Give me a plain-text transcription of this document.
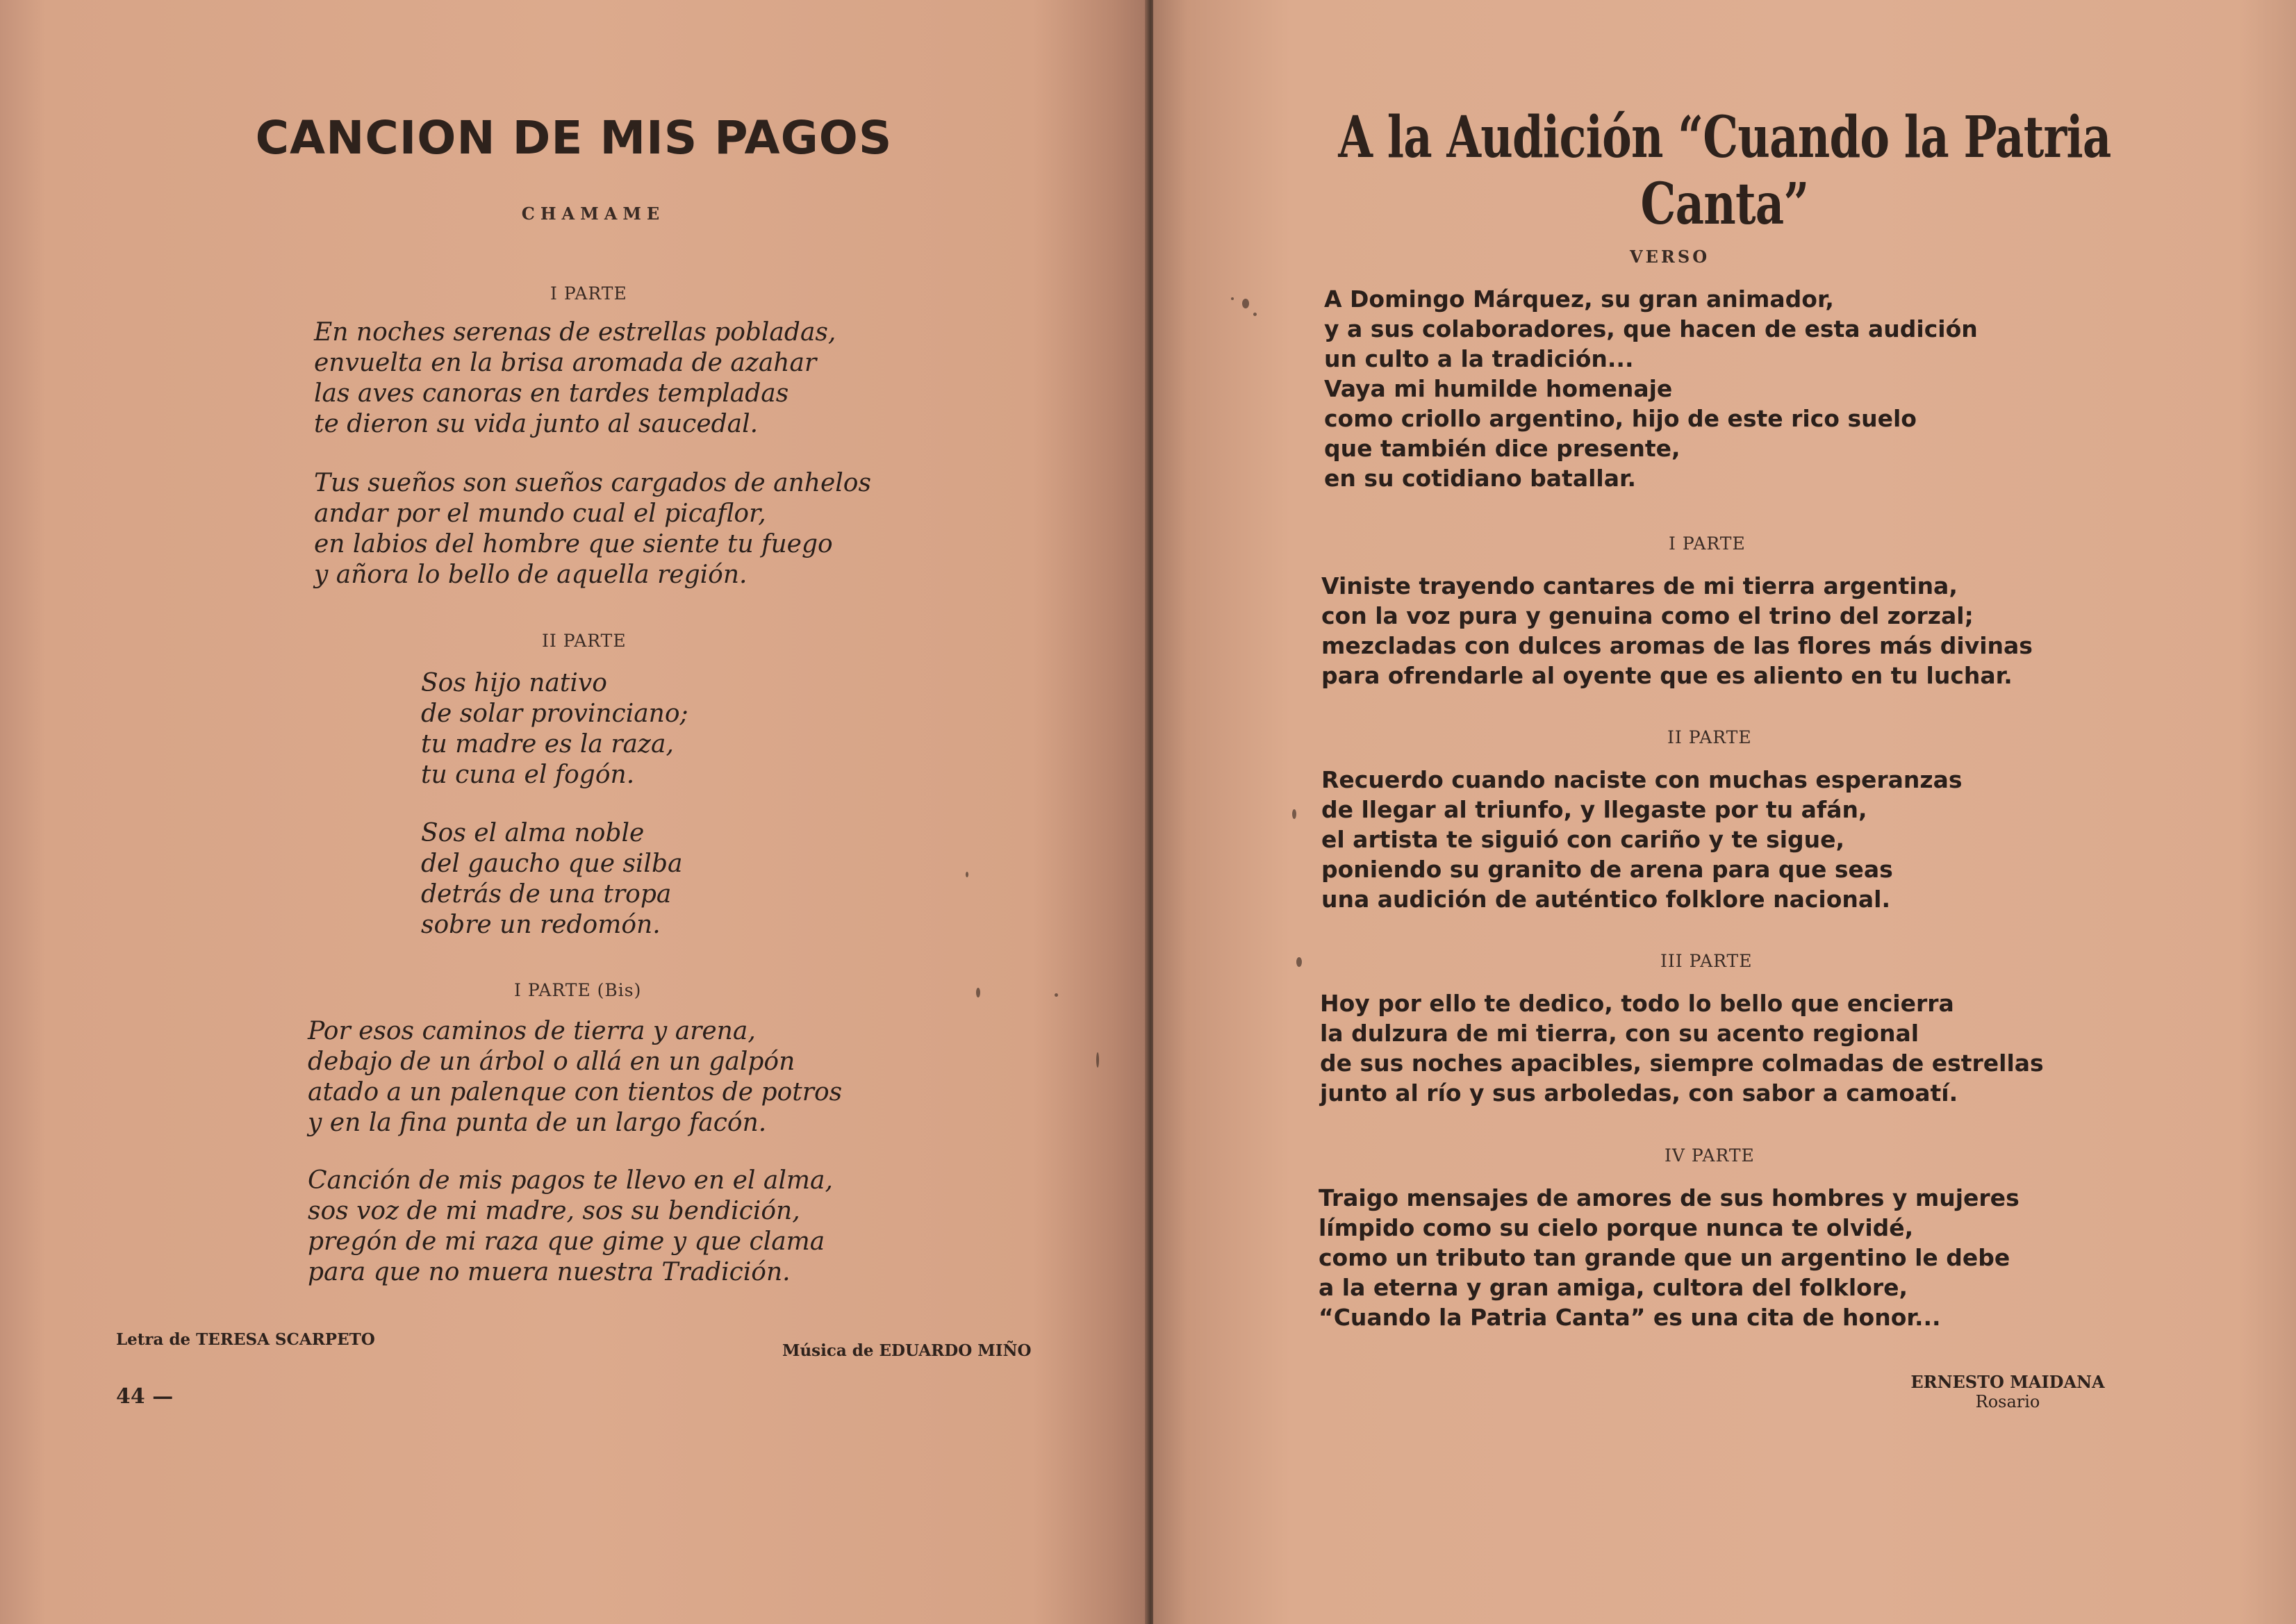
CANCION DE MIS PAGOS
CHAMAME
I PARTE
En noches serenas de estrellas pobladas,
envuelta en la brisa aromada de azahar
las aves canoras en tardes templadas
te dieron su vida junto al saucedal.
Tus sueños son sueños cargados de anhelos
andar por el mundo cual el picaflor,
en labios del hombre que siente tu fuego
y añora lo bello de aquella región.
II PARTE
Sos hijo nativo
de solar provinciano;
tu madre es la raza,
tu cuna el fogón.
Sos el alma noble
del gaucho que silba
detrás de una tropa
sobre un redomón.
I PARTE (Bis)
Por esos caminos de tierra y arena,
debajo de un árbol o allá en un galpón
atado a un palenque con tientos de potros
y en la fina punta de un largo facón.
Canción de mis pagos te llevo en el alma,
sos voz de mi madre, sos su bendición,
pregón de mi raza que gime y que clama
para que no muera nuestra Tradición.
Letra de TERESA SCARPETO
Música de EDUARDO MIÑO
44 —
A la Audición “Cuando la Patria Canta”
VERSO
A Domingo Márquez, su gran animador,
y a sus colaboradores, que hacen de esta audición
un culto a la tradición...
Vaya mi humilde homenaje
como criollo argentino, hijo de este rico suelo
que también dice presente,
en su cotidiano batallar.
I PARTE
Viniste trayendo cantares de mi tierra argentina,
con la voz pura y genuina como el trino del zorzal;
mezcladas con dulces aromas de las flores más divinas
para ofrendarle al oyente que es aliento en tu luchar.
II PARTE
Recuerdo cuando naciste con muchas esperanzas
de llegar al triunfo, y llegaste por tu afán,
el artista te siguió con cariño y te sigue,
poniendo su granito de arena para que seas
una audición de auténtico folklore nacional.
III PARTE
Hoy por ello te dedico, todo lo bello que encierra
la dulzura de mi tierra, con su acento regional
de sus noches apacibles, siempre colmadas de estrellas
junto al río y sus arboledas, con sabor a camoatí.
IV PARTE
Traigo mensajes de amores de sus hombres y mujeres
límpido como su cielo porque nunca te olvidé,
como un tributo tan grande que un argentino le debe
a la eterna y gran amiga, cultora del folklore,
“Cuando la Patria Canta” es una cita de honor...
ERNESTO MAIDANA
Rosario
